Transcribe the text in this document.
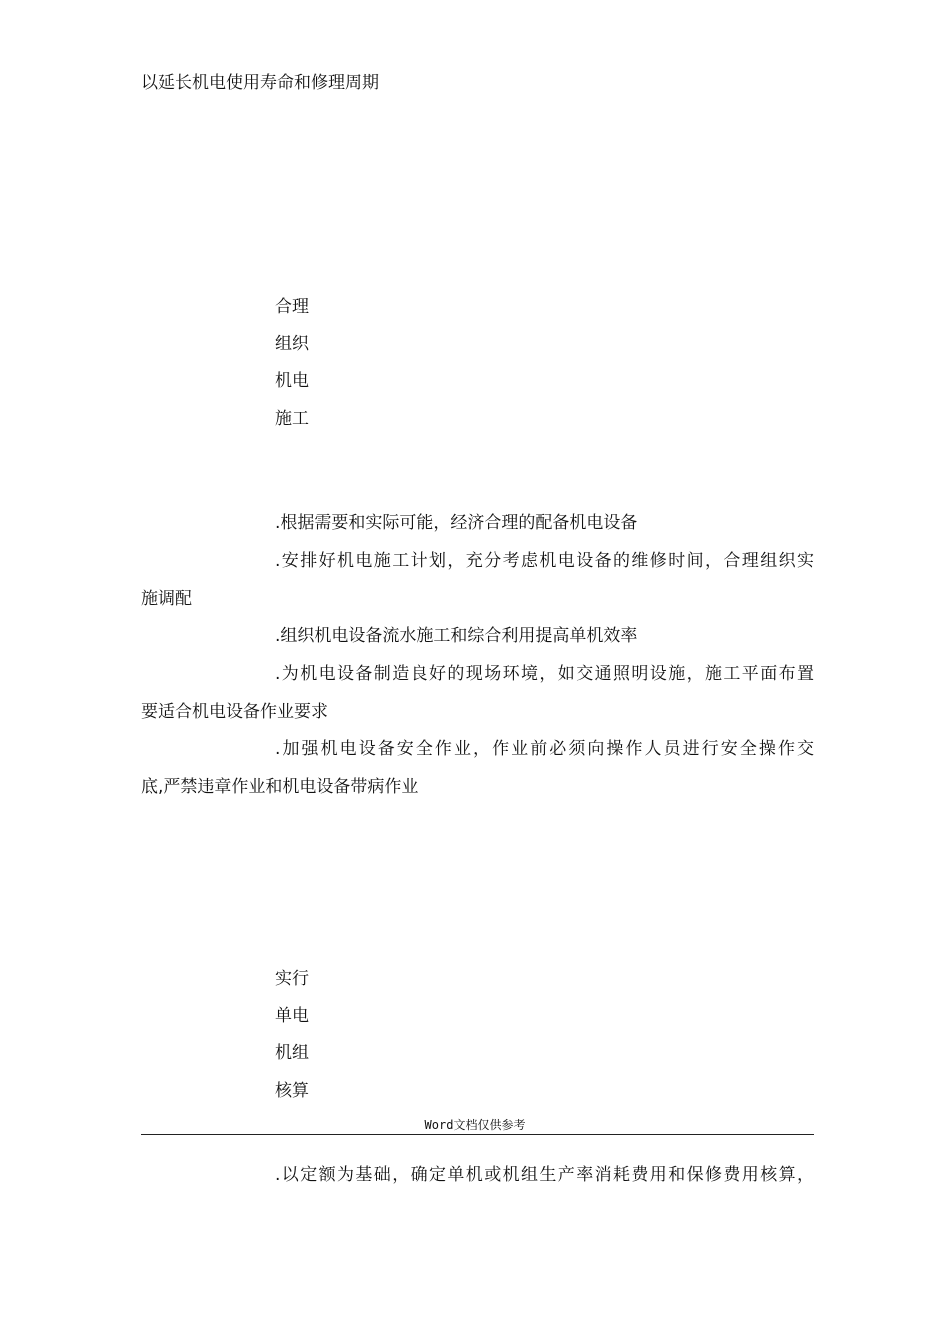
以延长机电使用寿命和修理周期
合理
组织
机电
施工
.根据需要和实际可能，经济合理的配备机电设备
.安排好机电施工计划，充分考虑机电设备的维修时间，合理组织实
施调配
.组织机电设备流水施工和综合利用提高单机效率
.为机电设备制造良好的现场环境，如交通照明设施，施工平面布置
要适合机电设备作业要求
.加强机电设备安全作业，作业前必须向操作人员进行安全操作交
底,严禁违章作业和机电设备带病作业
实行
单电
机组
核算
Word文档仅供参考
.以定额为基础，确定单机或机组生产率消耗费用和保修费用核算，
